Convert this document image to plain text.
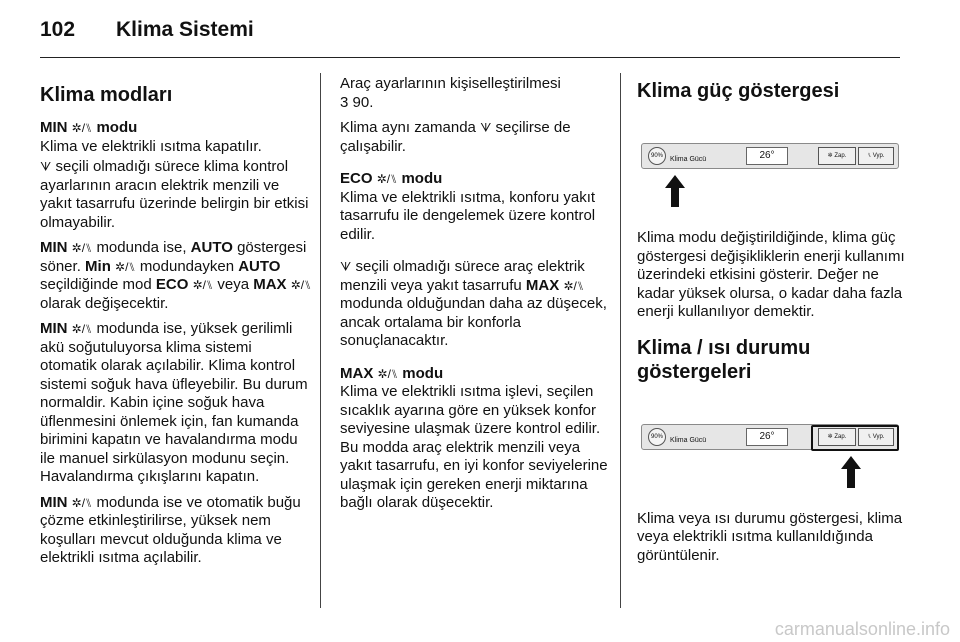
102 Klima Sistemi

Klima modları

MIN ✲/⑊ modu
Klima ve elektrikli ısıtma kapatılır.

ᗐ seçili olmadığı sürece klima kontrol ayarlarının aracın elektrik menzili ve yakıt tasarrufu üzerinde belirgin bir etkisi olmayabilir.

MIN ✲/⑊ modunda ise, AUTO göstergesi söner. Min ✲/⑊ modundayken AUTO seçildiğinde mod ECO ✲/⑊ veya MAX ✲/⑊ olarak değişecektir.

MIN ✲/⑊ modunda ise, yüksek gerilimli akü soğutuluyorsa klima sistemi otomatik olarak açılabilir. Klima kontrol sistemi soğuk hava üfleyebilir. Bu durum normaldir. Kabin içine soğuk hava üflenmesini önlemek için, fan kumanda birimini kapatın ve havalandırma modu ile manuel sirkülasyon modunu seçin. Havalandırma çıkışlarını kapatın.

MIN ✲/⑊ modunda ise ve otomatik buğu çözme etkinleştirilirse, yüksek nem koşulları mevcut olduğunda klima ve elektrikli ısıtma açılabilir.

Araç ayarlarının kişiselleştirilmesi
3 90.

Klima aynı zamanda ᗐ seçilirse de çalışabilir.

ECO ✲/⑊ modu
Klima ve elektrikli ısıtma, konforu yakıt tasarrufu ile dengelemek üzere kontrol edilir.

ᗐ seçili olmadığı sürece araç elektrik menzili veya yakıt tasarrufu MAX ✲/⑊ modunda olduğundan daha az düşecek, ancak ortalama bir konforla sonuçlanacaktır.

MAX ✲/⑊ modu
Klima ve elektrikli ısıtma işlevi, seçilen sıcaklık ayarına göre en yüksek konfor seviyesine ulaşmak üzere kontrol edilir. Bu modda araç elektrik menzili veya yakıt tasarrufu, en iyi konfor seviyelerine ulaşmak için gereken enerji miktarına bağlı olarak düşecektir.

Klima güç göstergesi

90%	Klima Gücü	26°	✲ Zap.	⑊ Vyp.

Klima modu değiştirildiğinde, klima güç göstergesi değişikliklerin enerji kullanımı üzerindeki etkisini gösterir. Değer ne kadar yüksek olursa, o kadar daha fazla enerji kullanılıyor demektir.

Klima / ısı durumu göstergeleri

90%	Klima Gücü	26°	✲ Zap.	⑊ Vyp.

Klima veya ısı durumu göstergesi, klima veya elektrikli ısıtma kullanıldığında görüntülenir.

carmanualsonline.info
